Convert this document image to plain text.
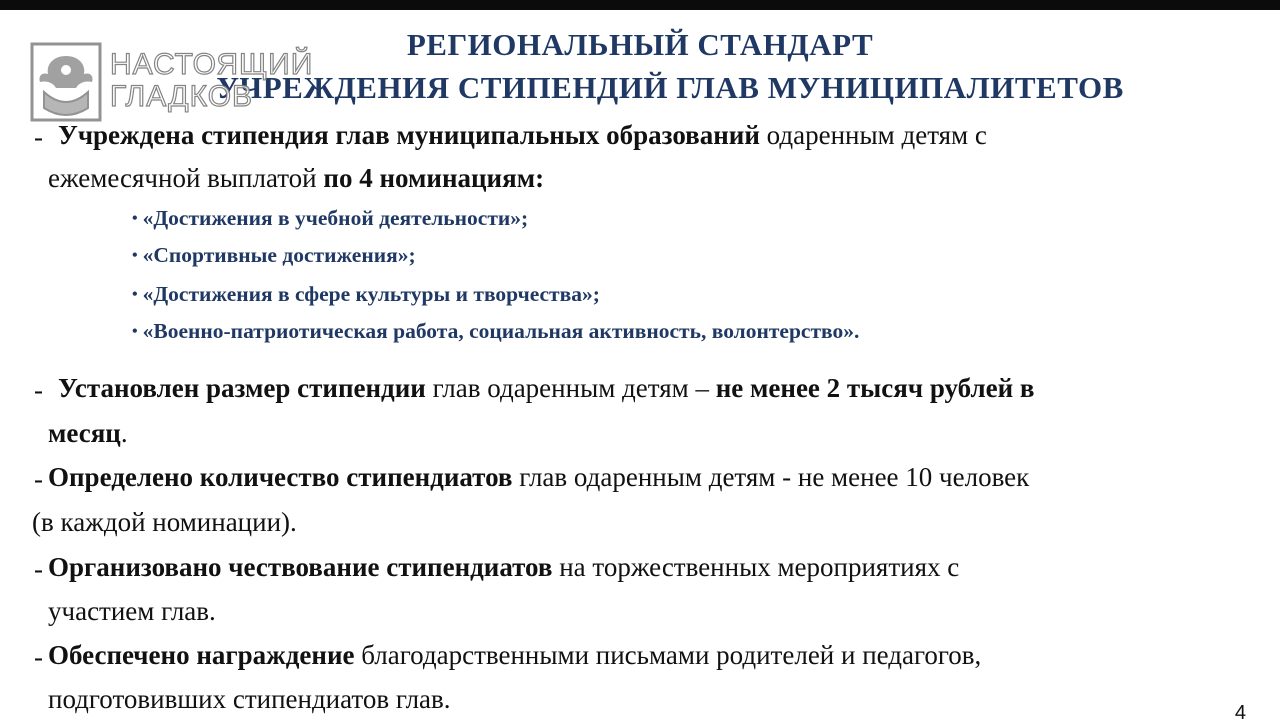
РЕГИОНАЛЬНЫЙ СТАНДАРТ
УЧРЕЖДЕНИЯ СТИПЕНДИЙ ГЛАВ МУНИЦИПАЛИТЕТОВ
НАСТОЯЩИЙ
ГЛАДКОВ
- Учреждена стипендия глав муниципальных образований одаренным детям с
ежемесячной выплатой по 4 номинациям:
• «Достижения в учебной деятельности»;
• «Спортивные достижения»;
• «Достижения в сфере культуры и творчества»;
• «Военно-патриотическая работа, социальная активность, волонтерство».
- Установлен размер стипендии глав одаренным детям – не менее 2 тысяч рублей в
месяц.
- Определено количество стипендиатов глав одаренным детям - не менее 10 человек
(в каждой номинации).
- Организовано чествование стипендиатов на торжественных мероприятиях с
участием глав.
- Обеспечено награждение благодарственными письмами родителей и педагогов,
подготовивших стипендиатов глав.	4
